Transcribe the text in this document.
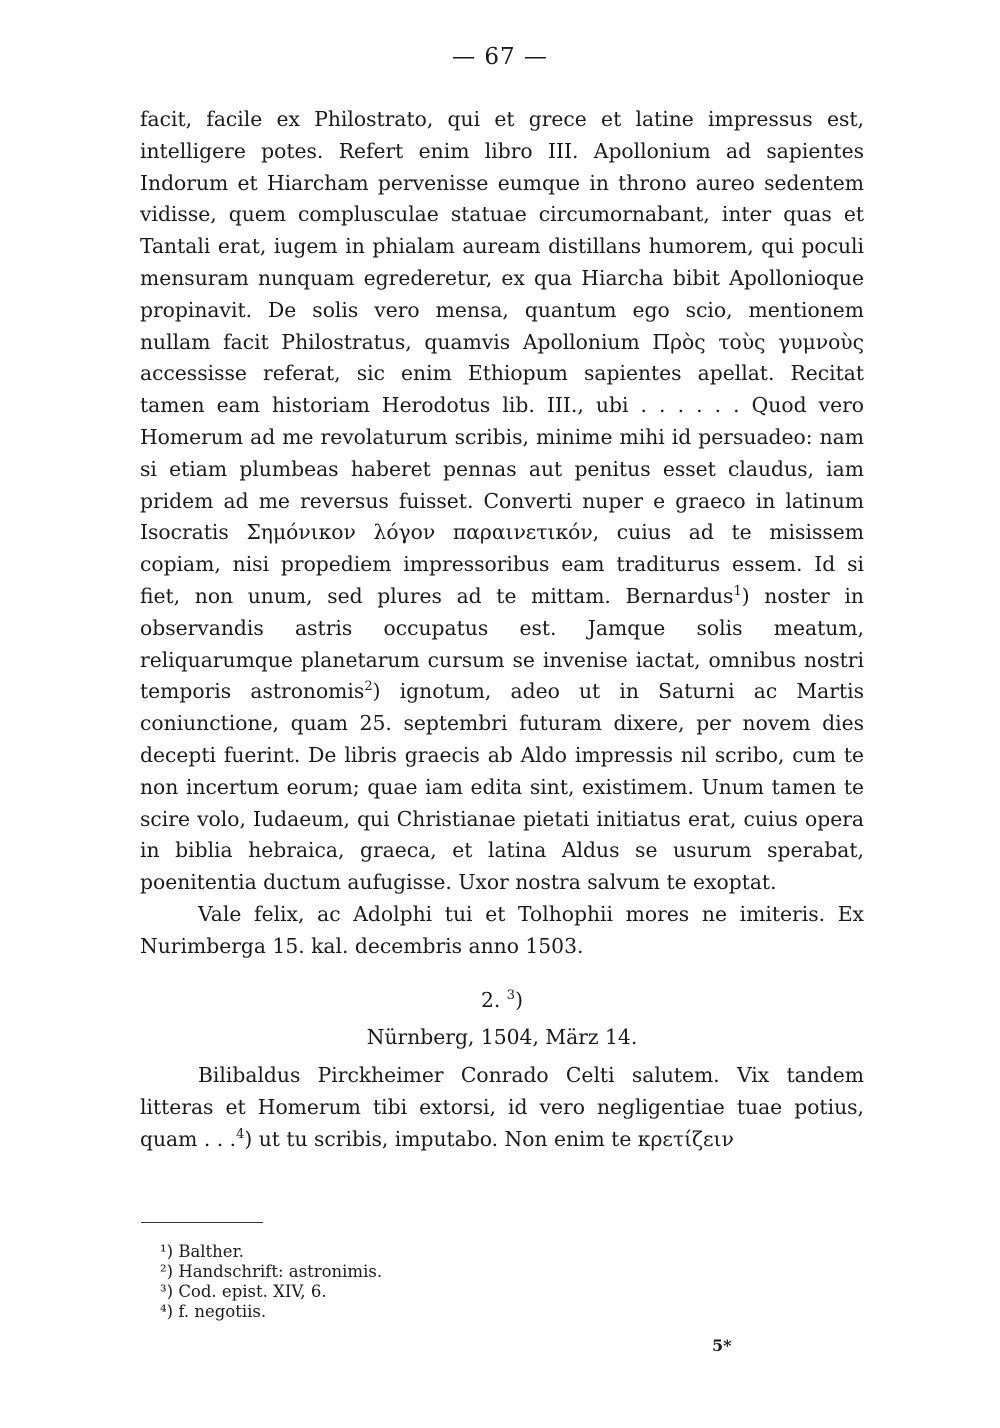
— 67 —

facit, facile ex Philostrato, qui et grece et latine impressus est, intelligere potes. Refert enim libro III. Apollonium ad sapientes Indorum et Hiarcham pervenisse eumque in throno aureo sedentem vidisse, quem complusculae statuae circumornabant, inter quas et Tantali erat, iugem in phialam auream distillans humorem, qui poculi mensuram nunquam egrederetur, ex qua Hiarcha bibit Apollonioque propinavit. De solis vero mensa, quantum ego scio, mentionem nullam facit Philostratus, quamvis Apollonium Πρὸς τοὺς γυμνοὺς accessisse referat, sic enim Ethiopum sapientes apellat. Recitat tamen eam historiam Herodotus lib. III., ubi . . . . . . Quod vero Homerum ad me revolaturum scribis, minime mihi id persuadeo: nam si etiam plumbeas haberet pennas aut penitus esset claudus, iam pridem ad me reversus fuisset. Converti nuper e graeco in latinum Isocratis Σημόνικον λόγον παραινετικόν, cuius ad te misissem copiam, nisi propediem impressoribus eam traditurus essem. Id si fiet, non unum, sed plures ad te mittam. Bernardus$^1$) noster in observandis astris occupatus est. Jamque solis meatum, reliquarumque planetarum cursum se invenise iactat, omnibus nostri temporis astronomis$^2$) ignotum, adeo ut in Saturni ac Martis coniunctione, quam 25. septembri futuram dixere, per novem dies decepti fuerint. De libris graecis ab Aldo impressis nil scribo, cum te non incertum eorum; quae iam edita sint, existimem. Unum tamen te scire volo, Iudaeum, qui Christianae pietati initiatus erat, cuius opera in biblia hebraica, graeca, et latina Aldus se usurum sperabat, poenitentia ductum aufugisse. Uxor nostra salvum te exoptat.

Vale felix, ac Adolphi tui et Tolhophii mores ne imiteris. Ex Nurimberga 15. kal. decembris anno 1503.

2. $^3$)

Nürnberg, 1504, März 14.

Bilibaldus Pirckheimer Conrado Celti salutem. Vix tandem litteras et Homerum tibi extorsi, id vero negligentiae tuae potius, quam . . .$^4$) ut tu scribis, imputabo. Non enim te κρετίζειν

¹) Balther.
²) Handschrift: astronimis.
³) Cod. epist. XIV, 6.
⁴) f. negotiis.
5*
